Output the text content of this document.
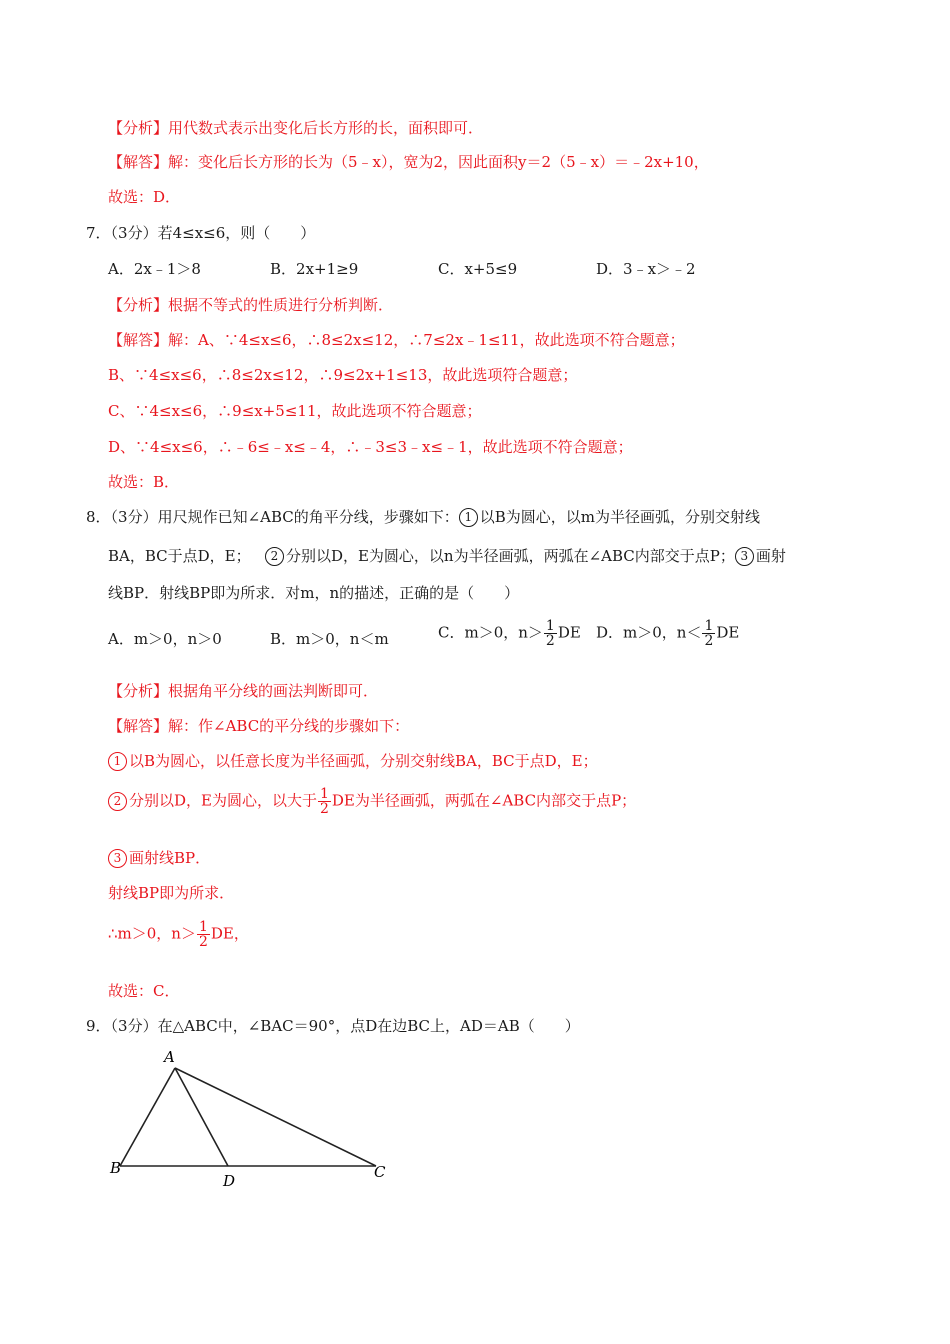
【分析】用代数式表示出变化后长方形的长，面积即可．
【解答】解：变化后长方形的长为（5﹣x），宽为2，因此面积y＝2（5﹣x）＝﹣2x+10，
故选：D．
7．（3分）若4≤x≤6，则（　　）
A．2x﹣1＞8	B．2x+1≥9	C．x+5≤9	D．3﹣x＞﹣2
【分析】根据不等式的性质进行分析判断．
【解答】解：A、∵4≤x≤6，∴8≤2x≤12，∴7≤2x﹣1≤11，故此选项不符合题意；
B、∵4≤x≤6，∴8≤2x≤12，∴9≤2x+1≤13，故此选项符合题意；
C、∵4≤x≤6，∴9≤x+5≤11，故此选项不符合题意；
D、∵4≤x≤6，∴﹣6≤﹣x≤﹣4，∴﹣3≤3﹣x≤﹣1，故此选项不符合题意；
故选：B．
8．（3分）用尺规作已知∠ABC的角平分线，步骤如下： 1 以B为圆心，以m为半径画弧，分别交射线
BA，BC于点D，E； 2 分别以D，E为圆心，以n为半径画弧，两弧在∠ABC内部交于点P； 3 画射
线BP．射线BP即为所求．对m，n的描述，正确的是（　　）
A．m＞0，n＞0	B．m＞0，n＜m	C．m＞0，$n> \frac{1}{2}$ DE D．m＞0，$n< \frac{1}{2}$ DE
【分析】根据角平分线的画法判断即可．
【解答】解：作∠ABC的平分线的步骤如下：
1 以B为圆心，以任意长度为半径画弧，分别交射线BA，BC于点D，E；
2 分别以D，E为圆心，以大于 $\frac{1}{2}$ DE为半径画弧，两弧在∠ABC内部交于点P；
3 画射线BP．
射线BP即为所求．
∴m＞0，$n> \frac{1}{2}$ DE，
故选：C．
9．（3分）在△ABC中，∠BAC＝90°，点D在边BC上，AD＝AB（　　）
A
B
D	C
